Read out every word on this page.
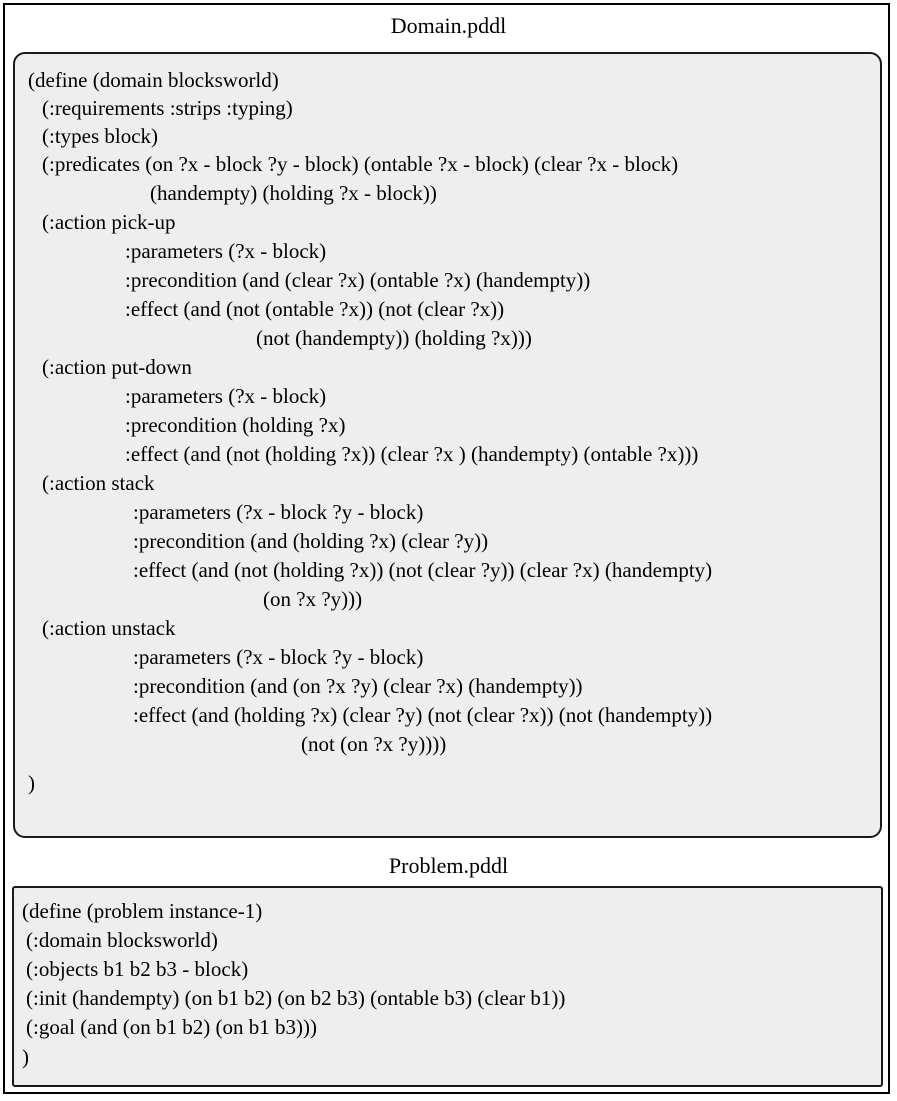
Domain.pddl
(define (domain blocksworld)
(:requirements :strips :typing)
(:types block)
(:predicates (on ?x - block ?y - block) (ontable ?x - block) (clear ?x - block)
(handempty) (holding ?x - block))
(:action pick-up
:parameters (?x - block)
:precondition (and (clear ?x) (ontable ?x) (handempty))
:effect (and (not (ontable ?x)) (not (clear ?x))
(not (handempty)) (holding ?x)))
(:action put-down
:parameters (?x - block)
:precondition (holding ?x)
:effect (and (not (holding ?x)) (clear ?x ) (handempty) (ontable ?x)))
(:action stack
:parameters (?x - block ?y - block)
:precondition (and (holding ?x) (clear ?y))
:effect (and (not (holding ?x)) (not (clear ?y)) (clear ?x) (handempty)
(on ?x ?y)))
(:action unstack
:parameters (?x - block ?y - block)
:precondition (and (on ?x ?y) (clear ?x) (handempty))
:effect (and (holding ?x) (clear ?y) (not (clear ?x)) (not (handempty))
(not (on ?x ?y))))
)
Problem.pddl
(define (problem instance-1)
(:domain blocksworld)
(:objects b1 b2 b3 - block)
(:init (handempty) (on b1 b2) (on b2 b3) (ontable b3) (clear b1))
(:goal (and (on b1 b2) (on b1 b3)))
)
